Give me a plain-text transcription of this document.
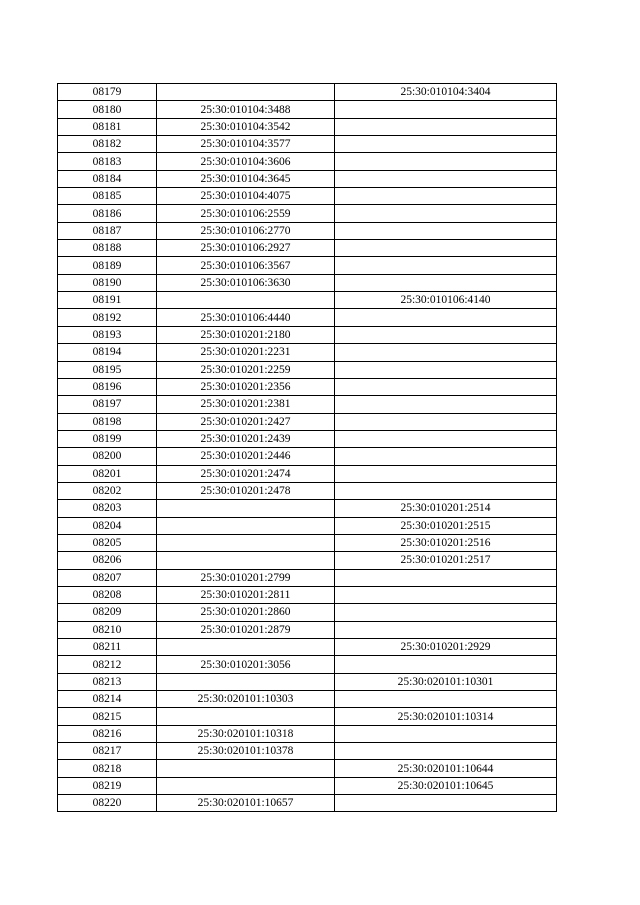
08179		25:30:010104:3404
08180	25:30:010104:3488	
08181	25:30:010104:3542	
08182	25:30:010104:3577	
08183	25:30:010104:3606	
08184	25:30:010104:3645	
08185	25:30:010104:4075	
08186	25:30:010106:2559	
08187	25:30:010106:2770	
08188	25:30:010106:2927	
08189	25:30:010106:3567	
08190	25:30:010106:3630	
08191		25:30:010106:4140
08192	25:30:010106:4440	
08193	25:30:010201:2180	
08194	25:30:010201:2231	
08195	25:30:010201:2259	
08196	25:30:010201:2356	
08197	25:30:010201:2381	
08198	25:30:010201:2427	
08199	25:30:010201:2439	
08200	25:30:010201:2446	
08201	25:30:010201:2474	
08202	25:30:010201:2478	
08203		25:30:010201:2514
08204		25:30:010201:2515
08205		25:30:010201:2516
08206		25:30:010201:2517
08207	25:30:010201:2799	
08208	25:30:010201:2811	
08209	25:30:010201:2860	
08210	25:30:010201:2879	
08211		25:30:010201:2929
08212	25:30:010201:3056	
08213		25:30:020101:10301
08214	25:30:020101:10303	
08215		25:30:020101:10314
08216	25:30:020101:10318	
08217	25:30:020101:10378	
08218		25:30:020101:10644
08219		25:30:020101:10645
08220	25:30:020101:10657	
